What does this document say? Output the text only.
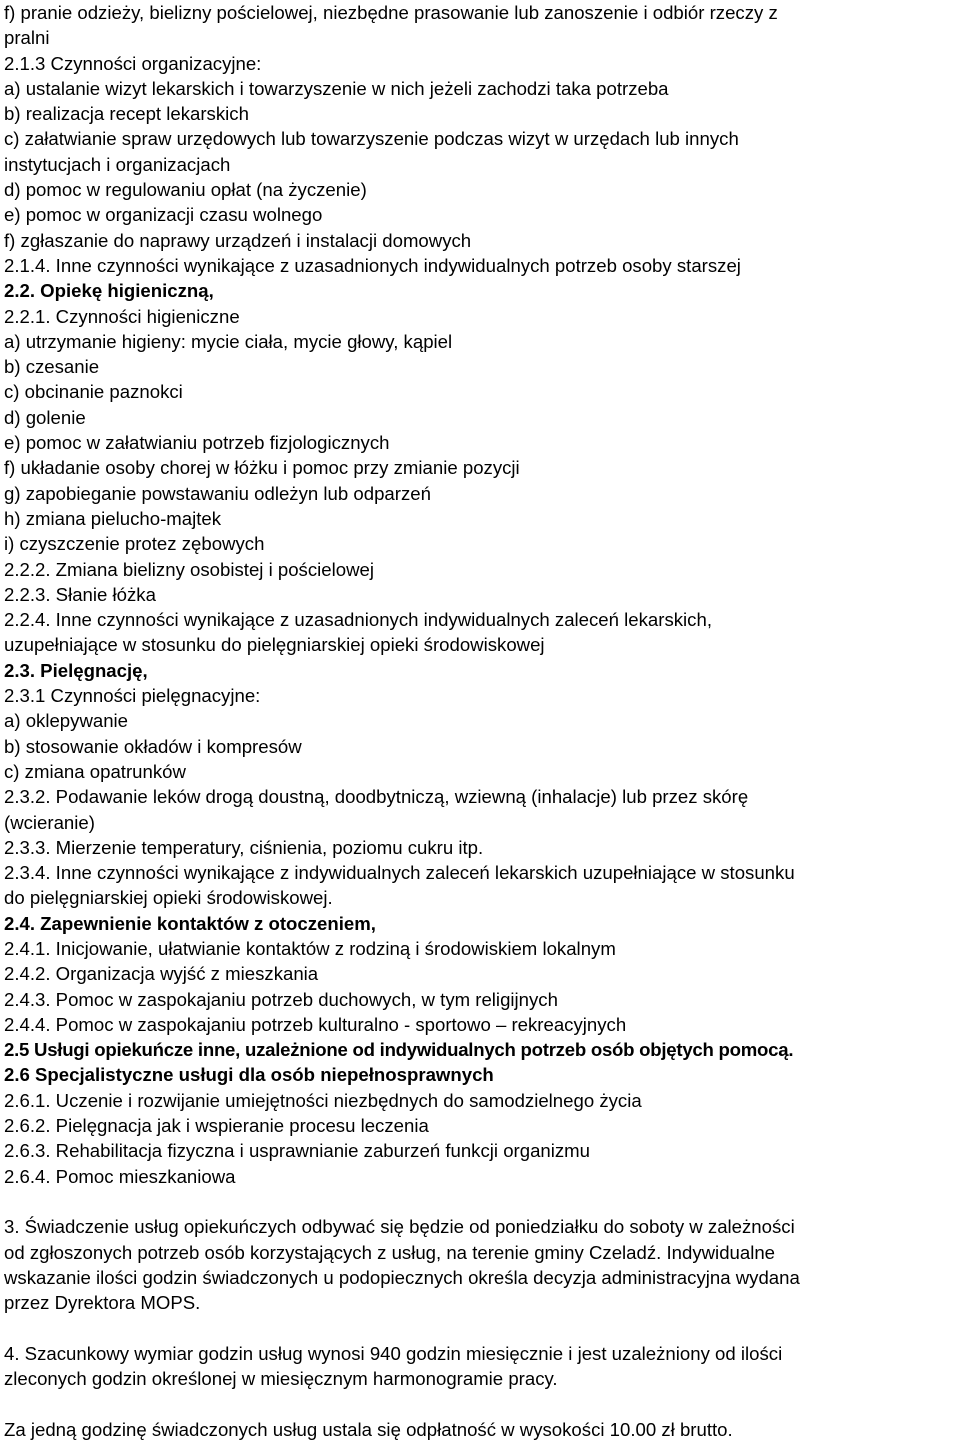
f) pranie odzieży, bielizny pościelowej, niezbędne prasowanie lub zanoszenie i odbiór rzeczy z
pralni
2.1.3 Czynności organizacyjne:
a) ustalanie wizyt lekarskich i towarzyszenie w nich jeżeli zachodzi taka potrzeba
b) realizacja recept lekarskich
c) załatwianie spraw urzędowych lub towarzyszenie podczas wizyt w urzędach lub innych
instytucjach i organizacjach
d) pomoc w regulowaniu opłat (na życzenie)
e) pomoc w organizacji czasu wolnego
f) zgłaszanie do naprawy urządzeń i instalacji domowych
2.1.4. Inne czynności wynikające z uzasadnionych indywidualnych potrzeb osoby starszej
2.2. Opiekę higieniczną,
2.2.1. Czynności higieniczne
a) utrzymanie higieny: mycie ciała, mycie głowy, kąpiel
b) czesanie
c) obcinanie paznokci
d) golenie
e) pomoc w załatwianiu potrzeb fizjologicznych
f) układanie osoby chorej w łóżku i pomoc przy zmianie pozycji
g) zapobieganie powstawaniu odleżyn lub odparzeń
h) zmiana pielucho-majtek
i) czyszczenie protez zębowych
2.2.2. Zmiana bielizny osobistej i pościelowej
2.2.3. Słanie łóżka
2.2.4. Inne czynności wynikające z uzasadnionych indywidualnych zaleceń lekarskich,
uzupełniające w stosunku do pielęgniarskiej opieki środowiskowej
2.3. Pielęgnację,
2.3.1 Czynności pielęgnacyjne:
a) oklepywanie
b) stosowanie okładów i kompresów
c) zmiana opatrunków
2.3.2. Podawanie leków drogą doustną, doodbytniczą, wziewną (inhalacje) lub przez skórę
(wcieranie)
2.3.3. Mierzenie temperatury, ciśnienia, poziomu cukru itp.
2.3.4. Inne czynności wynikające z indywidualnych zaleceń lekarskich uzupełniające w stosunku
do pielęgniarskiej opieki środowiskowej.
2.4. Zapewnienie kontaktów z otoczeniem,
2.4.1. Inicjowanie, ułatwianie kontaktów z rodziną i środowiskiem lokalnym
2.4.2. Organizacja wyjść z mieszkania
2.4.3. Pomoc w zaspokajaniu potrzeb duchowych, w tym religijnych
2.4.4. Pomoc w zaspokajaniu potrzeb kulturalno - sportowo – rekreacyjnych
2.5 Usługi opiekuńcze inne, uzależnione od indywidualnych potrzeb osób objętych pomocą.
2.6 Specjalistyczne usługi dla osób niepełnosprawnych
2.6.1. Uczenie i rozwijanie umiejętności niezbędnych do samodzielnego życia
2.6.2. Pielęgnacja jak i wspieranie procesu leczenia
2.6.3. Rehabilitacja fizyczna i usprawnianie zaburzeń funkcji organizmu
2.6.4. Pomoc mieszkaniowa
3. Świadczenie usług opiekuńczych odbywać się będzie od poniedziałku do soboty w zależności
od zgłoszonych potrzeb osób korzystających z usług, na terenie gminy Czeladź. Indywidualne
wskazanie ilości godzin świadczonych u podopiecznych określa decyzja administracyjna wydana
przez Dyrektora MOPS.
4. Szacunkowy wymiar godzin usług wynosi 940 godzin miesięcznie i jest uzależniony od ilości
zleconych godzin określonej w miesięcznym harmonogramie pracy.
Za jedną godzinę świadczonych usług ustala się odpłatność w wysokości 10.00 zł brutto.
